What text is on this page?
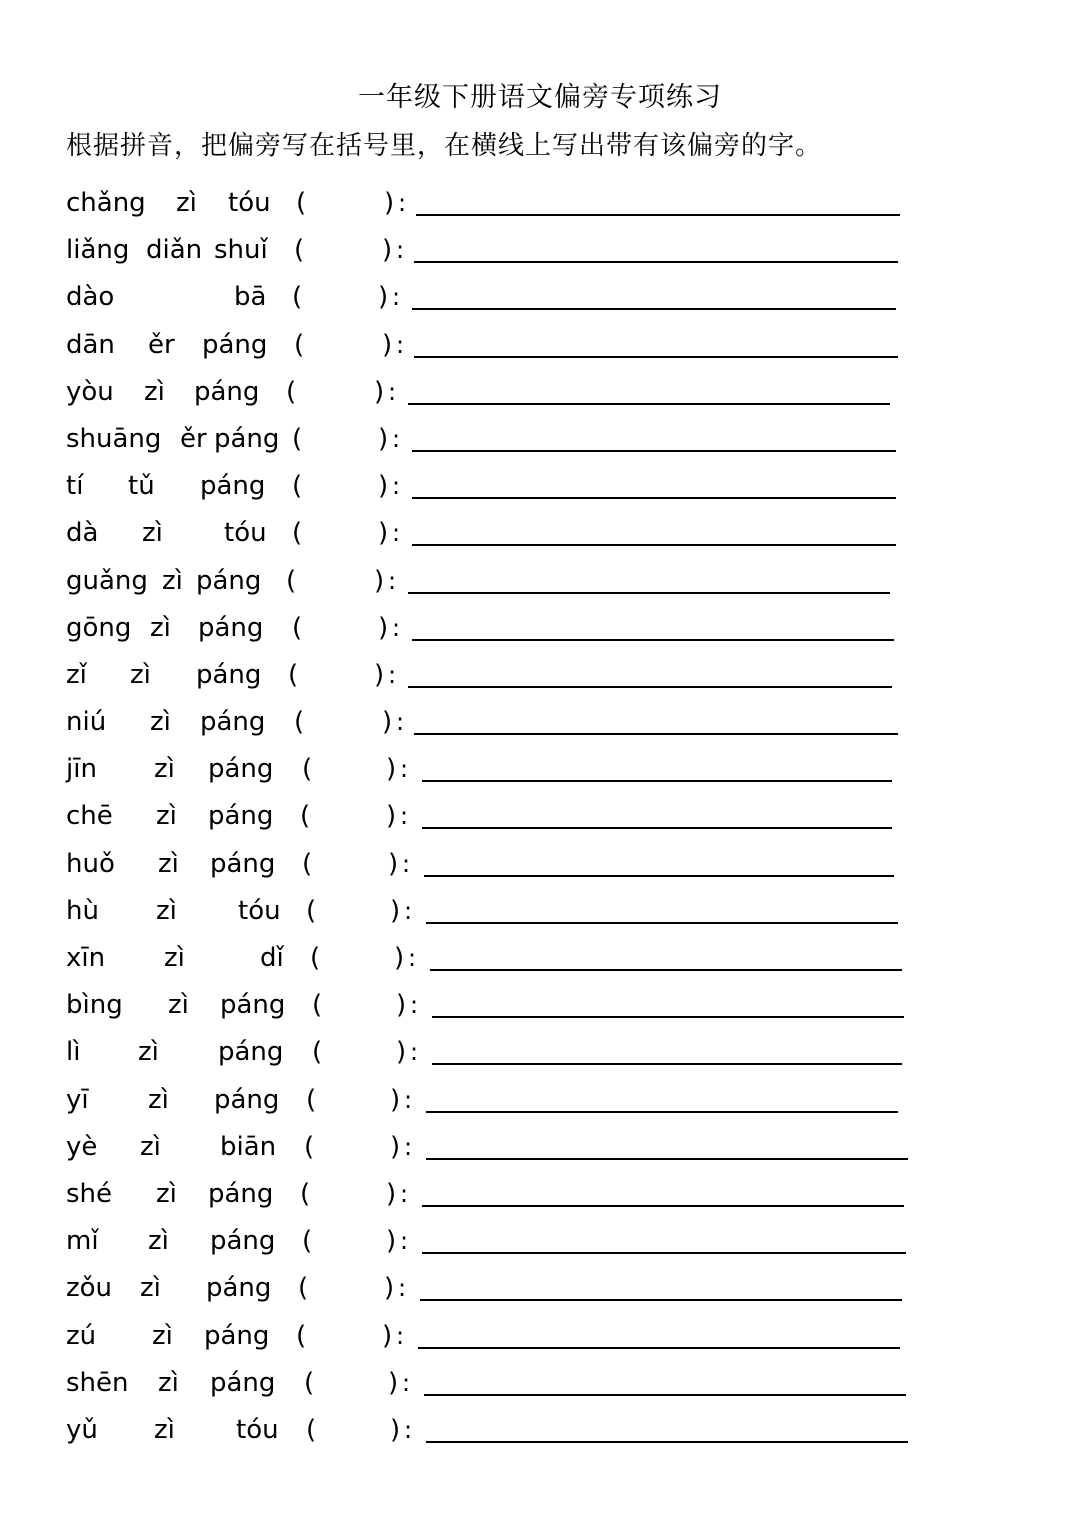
一年级下册语文偏旁专项练习
根据拼音，把偏旁写在括号里，在横线上写出带有该偏旁的字。
chǎng zì tóu (	) :
liǎng diǎn shuǐ (	) :
dào	bā (	) :
dān ěr páng (	) :
yòu zì páng (	) :
shuāng ěr páng (	) :
tí tǔ páng (	) :
dà zì tóu (	) :
guǎng zì páng (	) :
gōng zì páng (	) :
zǐ zì páng (	) :
niú zì páng (	) :
jīn zì páng (	) :
chē zì páng (	) :
huǒ zì páng (	) :
hù zì tóu (	) :
xīn zì	dǐ (	) :
bìng zì páng (	) :
lì zì páng (	) :
yī zì páng (	) :
yè zì biān (	) :
shé zì páng (	) :
mǐ zì páng (	) :
zǒu zì páng (	) :
zú zì páng (	) :
shēn zì páng (	) :
yǔ zì tóu (	) :
